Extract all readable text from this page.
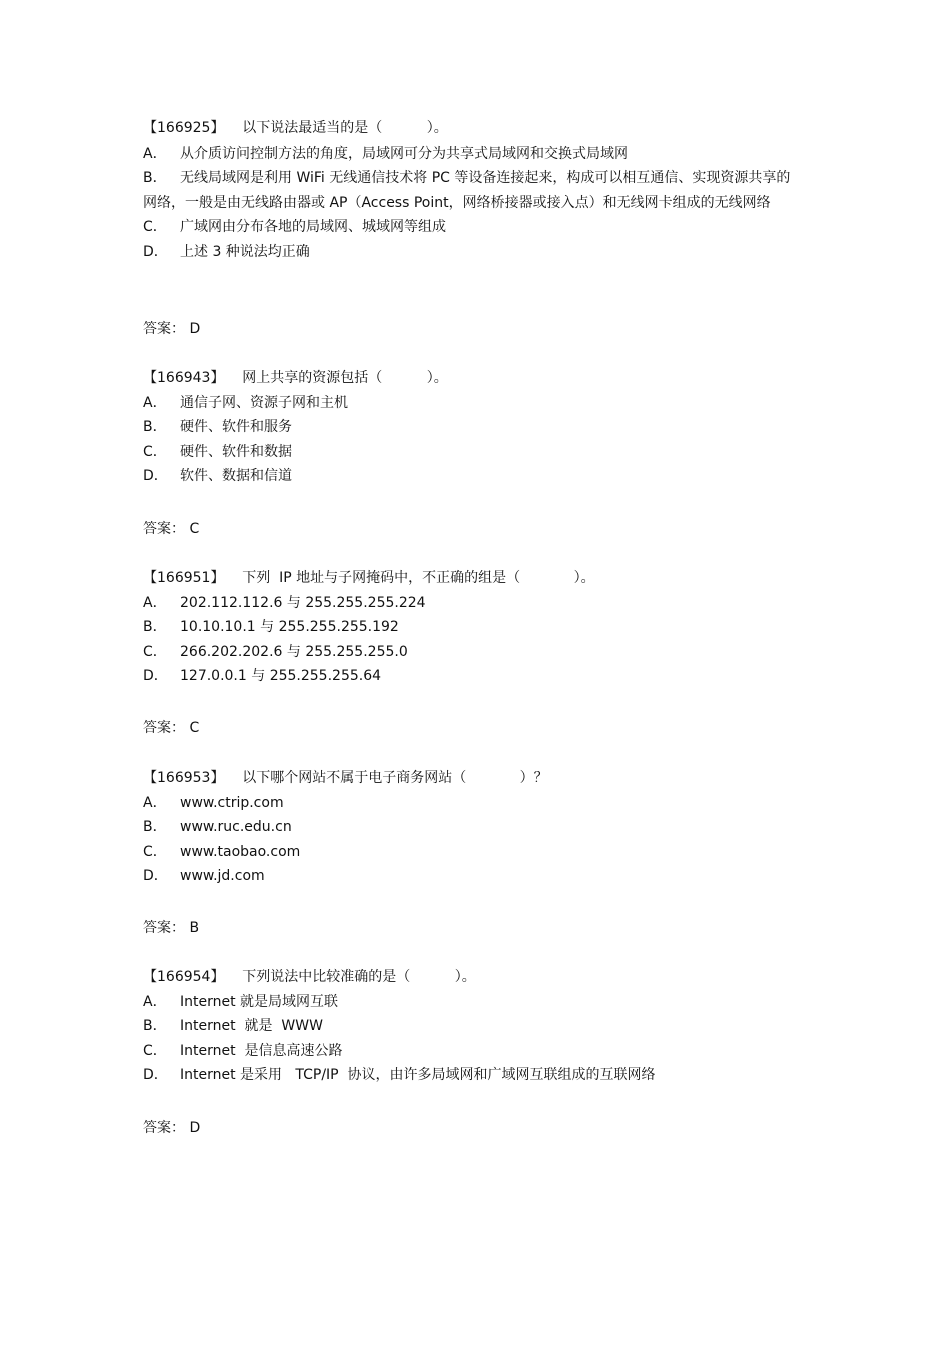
【166925】    以下说法最适当的是（          ）。
A． 从介质访问控制方法的角度，局域网可分为共享式局域网和交换式局域网
B． 无线局域网是利用 WiFi 无线通信技术将 PC 等设备连接起来，构成可以相互通信、实现资源共享的网络，一般是由无线路由器或 AP（Access Point，网络桥接器或接入点）和无线网卡组成的无线网络
C． 广域网由分布各地的局域网、城域网等组成
D． 上述 3 种说法均正确
答案： D
【166943】    网上共享的资源包括（          ）。
A． 通信子网、资源子网和主机
B． 硬件、软件和服务
C． 硬件、软件和数据
D． 软件、数据和信道
答案： C
【166951】    下列  IP 地址与子网掩码中，不正确的组是（            ）。
A． 202.112.112.6 与 255.255.255.224
B． 10.10.10.1 与 255.255.255.192
C． 266.202.202.6 与 255.255.255.0
D． 127.0.0.1 与 255.255.255.64
答案： C
【166953】    以下哪个网站不属于电子商务网站（            ）？
A． www.ctrip.com
B． www.ruc.edu.cn
C． www.taobao.com
D． www.jd.com
答案： B
【166954】    下列说法中比较准确的是（          ）。
A． Internet 就是局域网互联
B． Internet  就是  WWW
C． Internet  是信息高速公路
D． Internet 是采用   TCP/IP  协议，由许多局域网和广域网互联组成的互联网络
答案： D
